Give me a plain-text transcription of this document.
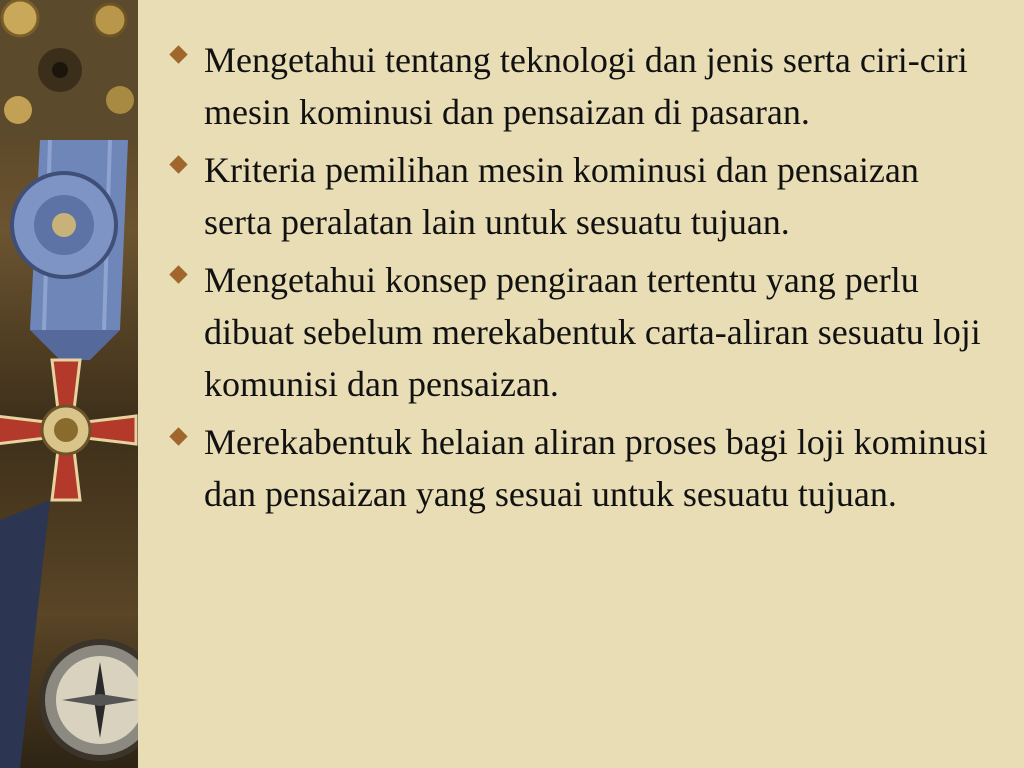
Mengetahui tentang teknologi dan jenis serta ciri-ciri mesin kominusi dan pensaizan di pasaran.
Kriteria pemilihan mesin kominusi dan pensaizan serta peralatan lain untuk sesuatu tujuan.
Mengetahui konsep pengiraan tertentu yang perlu dibuat sebelum merekabentuk carta-aliran sesuatu loji komunisi dan pensaizan.
Merekabentuk helaian aliran proses bagi loji kominusi dan pensaizan yang sesuai untuk sesuatu tujuan.
